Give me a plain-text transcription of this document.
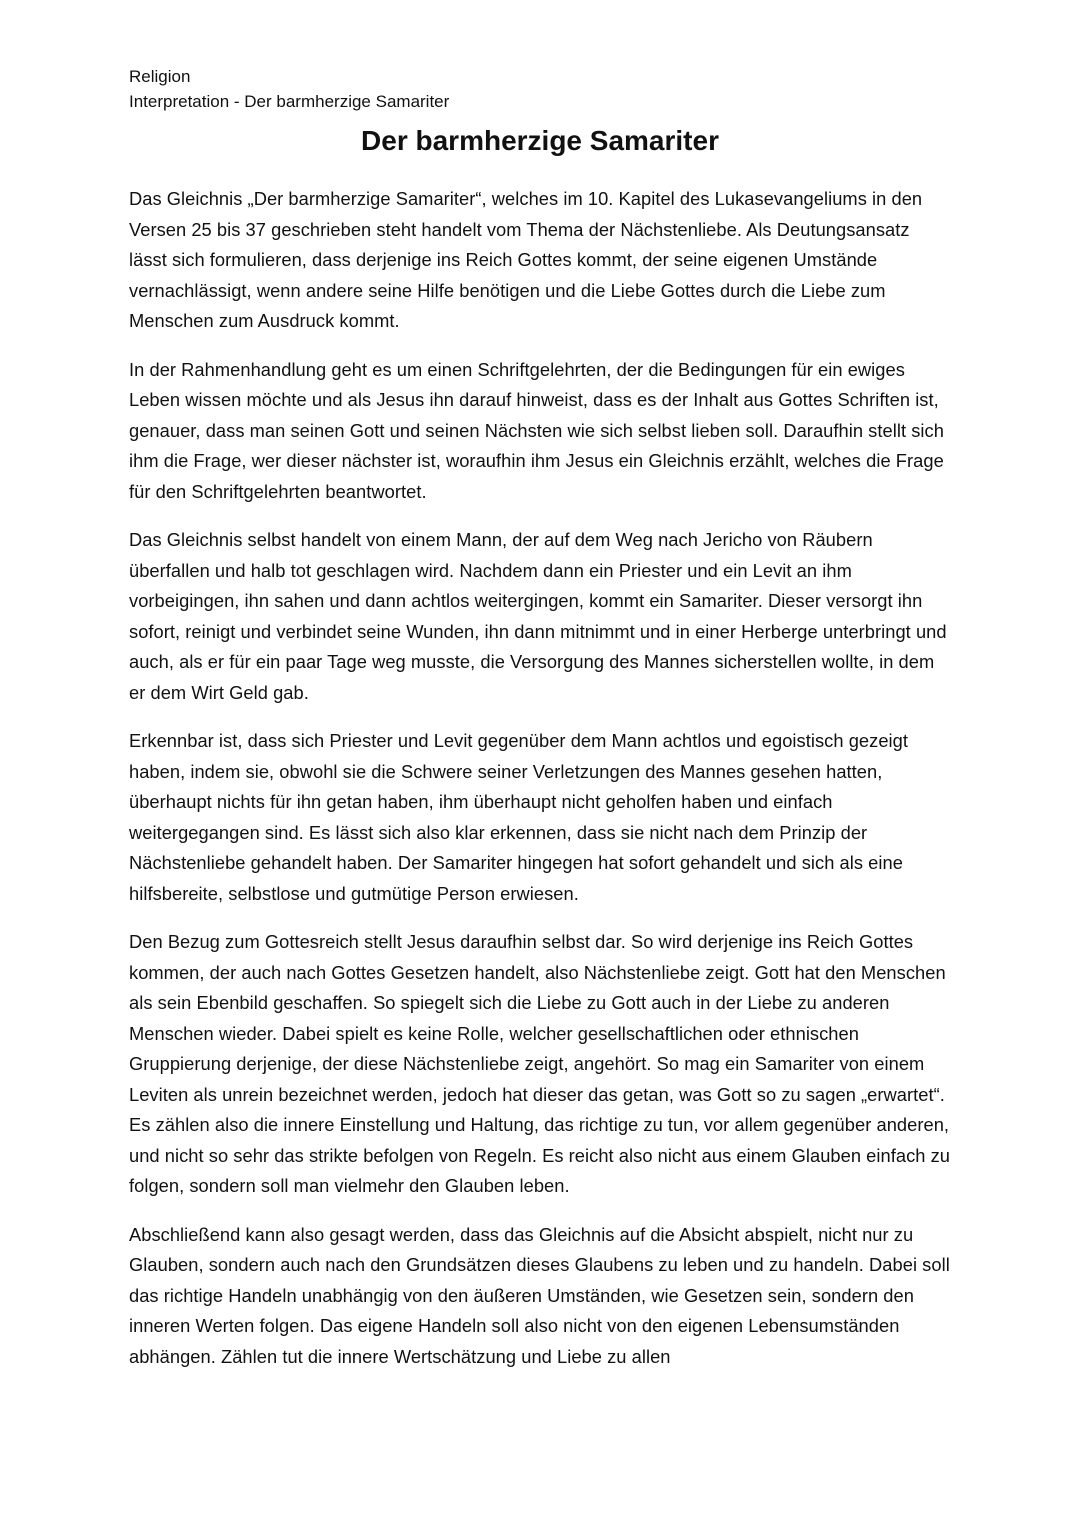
Religion

Interpretation - Der barmherzige Samariter

Der barmherzige Samariter

Das Gleichnis „Der barmherzige Samariter“, welches im 10. Kapitel des Lukasevangeliums in den Versen 25 bis 37 geschrieben steht handelt vom Thema der Nächstenliebe. Als Deutungsansatz lässt sich formulieren, dass derjenige ins Reich Gottes kommt, der seine eigenen Umstände vernachlässigt, wenn andere seine Hilfe benötigen und die Liebe Gottes durch die Liebe zum Menschen zum Ausdruck kommt.

In der Rahmenhandlung geht es um einen Schriftgelehrten, der die Bedingungen für ein ewiges Leben wissen möchte und als Jesus ihn darauf hinweist, dass es der Inhalt aus Gottes Schriften ist, genauer, dass man seinen Gott und seinen Nächsten wie sich selbst lieben soll. Daraufhin stellt sich ihm die Frage, wer dieser nächster ist, woraufhin ihm Jesus ein Gleichnis erzählt, welches die Frage für den Schriftgelehrten beantwortet.

Das Gleichnis selbst handelt von einem Mann, der auf dem Weg nach Jericho von Räubern überfallen und halb tot geschlagen wird. Nachdem dann ein Priester und ein Levit an ihm vorbeigingen, ihn sahen und dann achtlos weitergingen, kommt ein Samariter. Dieser versorgt ihn sofort, reinigt und verbindet seine Wunden, ihn dann mitnimmt und in einer Herberge unterbringt und auch, als er für ein paar Tage weg musste, die Versorgung des Mannes sicherstellen wollte, in dem er dem Wirt Geld gab.

Erkennbar ist, dass sich Priester und Levit gegenüber dem Mann achtlos und egoistisch gezeigt haben, indem sie, obwohl sie die Schwere seiner Verletzungen des Mannes gesehen hatten, überhaupt nichts für ihn getan haben, ihm überhaupt nicht geholfen haben und einfach weitergegangen sind. Es lässt sich also klar erkennen, dass sie nicht nach dem Prinzip der Nächstenliebe gehandelt haben. Der Samariter hingegen hat sofort gehandelt und sich als eine hilfsbereite, selbstlose und gutmütige Person erwiesen.

Den Bezug zum Gottesreich stellt Jesus daraufhin selbst dar. So wird derjenige ins Reich Gottes kommen, der auch nach Gottes Gesetzen handelt, also Nächstenliebe zeigt. Gott hat den Menschen als sein Ebenbild geschaffen. So spiegelt sich die Liebe zu Gott auch in der Liebe zu anderen Menschen wieder. Dabei spielt es keine Rolle, welcher gesellschaftlichen oder ethnischen Gruppierung derjenige, der diese Nächstenliebe zeigt, angehört. So mag ein Samariter von einem Leviten als unrein bezeichnet werden, jedoch hat dieser das getan, was Gott so zu sagen „erwartet“. Es zählen also die innere Einstellung und Haltung, das richtige zu tun, vor allem gegenüber anderen, und nicht so sehr das strikte befolgen von Regeln. Es reicht also nicht aus einem Glauben einfach zu folgen, sondern soll man vielmehr den Glauben leben.

Abschließend kann also gesagt werden, dass das Gleichnis auf die Absicht abspielt, nicht nur zu Glauben, sondern auch nach den Grundsätzen dieses Glaubens zu leben und zu handeln. Dabei soll das richtige Handeln unabhängig von den äußeren Umständen, wie Gesetzen sein, sondern den inneren Werten folgen. Das eigene Handeln soll also nicht von den eigenen Lebensumständen abhängen. Zählen tut die innere Wertschätzung und Liebe zu allen
